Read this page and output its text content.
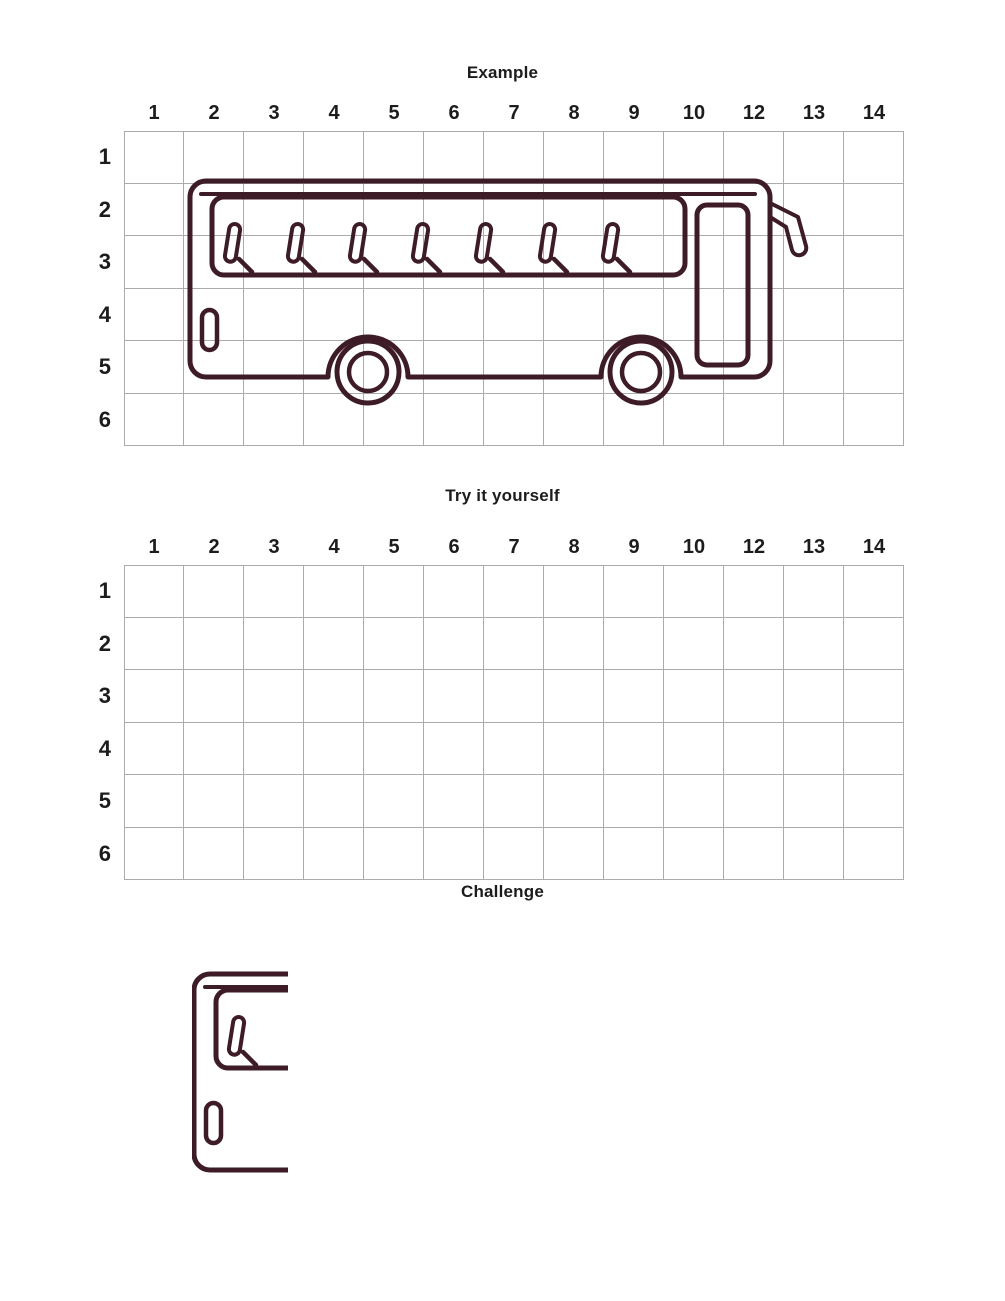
Example
1	2	3	4	5	6	7	8	9	10	12	13	14
1
2
3
4
5
6
Try it yourself
1	2	3	4	5	6	7	8	9	10	12	13	14
1
2
3
4
5
6
Challenge
